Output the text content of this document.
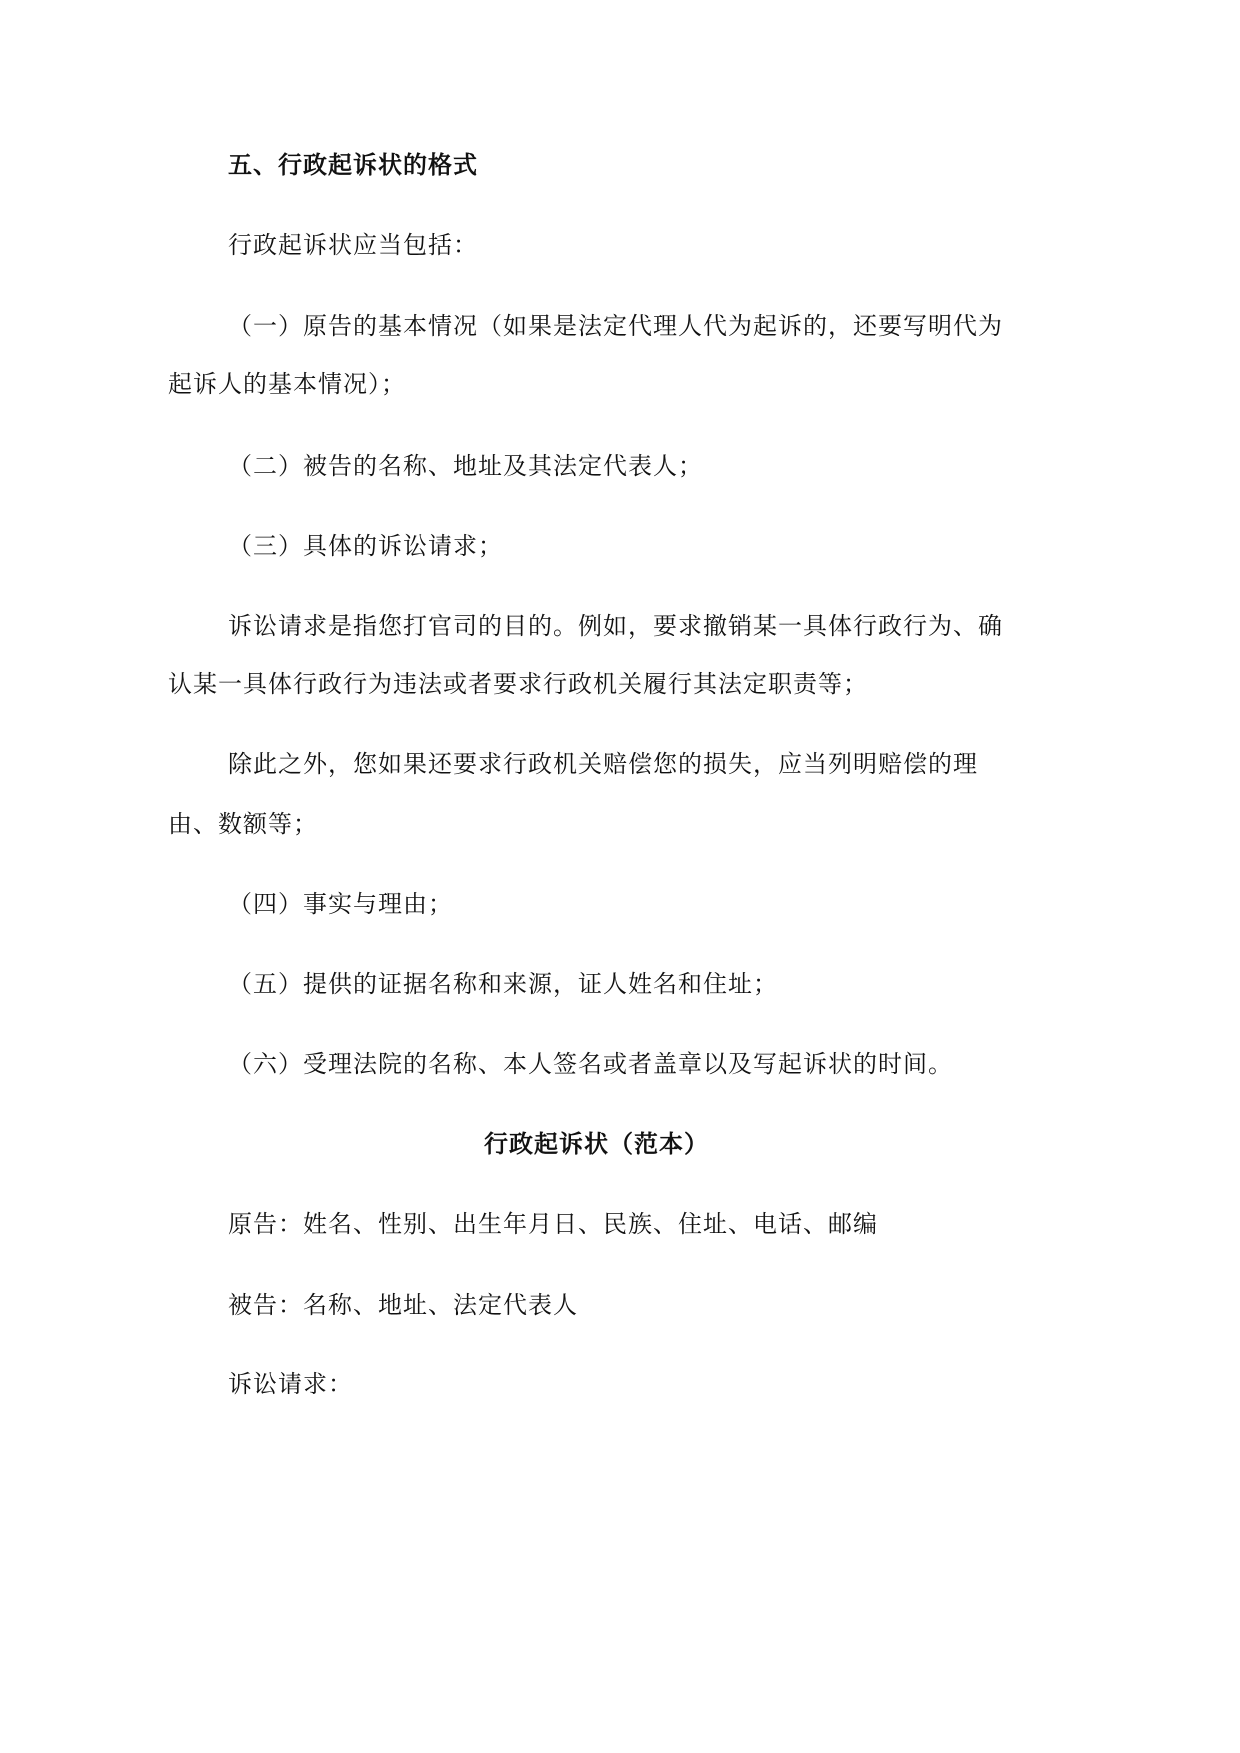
五、行政起诉状的格式
行政起诉状应当包括：
（一）原告的基本情况（如果是法定代理人代为起诉的，还要写明代为
起诉人的基本情况）；
（二）被告的名称、地址及其法定代表人；
（三）具体的诉讼请求；
诉讼请求是指您打官司的目的。例如，要求撤销某一具体行政行为、确
认某一具体行政行为违法或者要求行政机关履行其法定职责等；
除此之外，您如果还要求行政机关赔偿您的损失，应当列明赔偿的理
由、数额等；
（四）事实与理由；
（五）提供的证据名称和来源，证人姓名和住址；
（六）受理法院的名称、本人签名或者盖章以及写起诉状的时间。
行政起诉状（范本）
原告：姓名、性别、出生年月日、民族、住址、电话、邮编
被告：名称、地址、法定代表人
诉讼请求：
